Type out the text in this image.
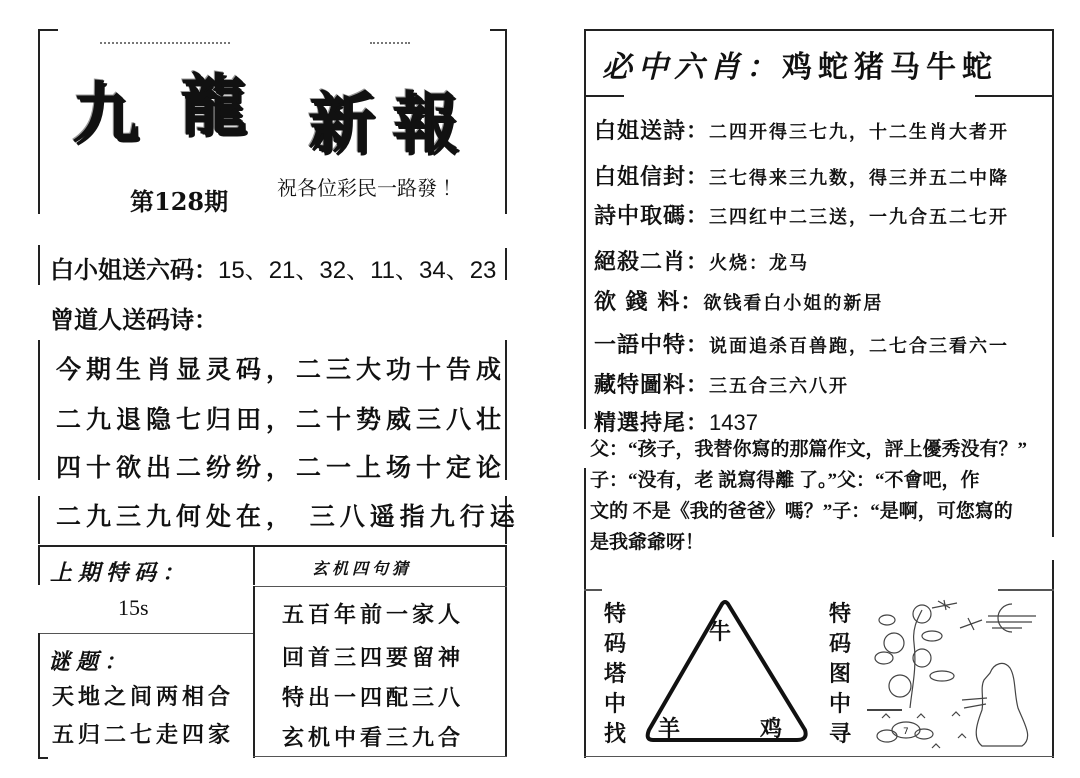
九 龍 新 報
第128期 祝各位彩民一路發 ！
白小姐送六码：15、21、32、11、34、23
曾道人送码诗：
今期生肖显灵码，二三大功十告成
二九退隐七归田，二十势威三八壮
四十欲出二纷纷，二一上场十定论
二九三九何处在， 三八遥指九行运
上期特码：
15s
玄机四句猜
谜题：
天地之间两相合
五归二七走四家
五百年前一家人
回首三四要留神
特出一四配三八
玄机中看三九合
必中六肖：鸡蛇猪马牛蛇
白姐送詩：二四开得三七九，十二生肖大者开
白姐信封：三七得来三九数，得三并五二中降
詩中取碼：三四红中二三送，一九合五二七开
絕殺二肖：火烧：龙马
欲 錢 料：欲钱看白小姐的新居
一語中特：说面追杀百兽跑，二七合三看六一
藏特圖料：三五合三六八开
精選持尾：1437
父：“孩子，我替你寫的那篇作文，評上優秀没有？”
子：“没有，老 説寫得離 了。”父：“不會吧，作
文的 不是《我的爸爸》嗎？”子：“是啊，可您寫的
是我爺爺呀！
特
码
塔
中
找
牛
羊	鸡
特
码
图
中
寻	7
